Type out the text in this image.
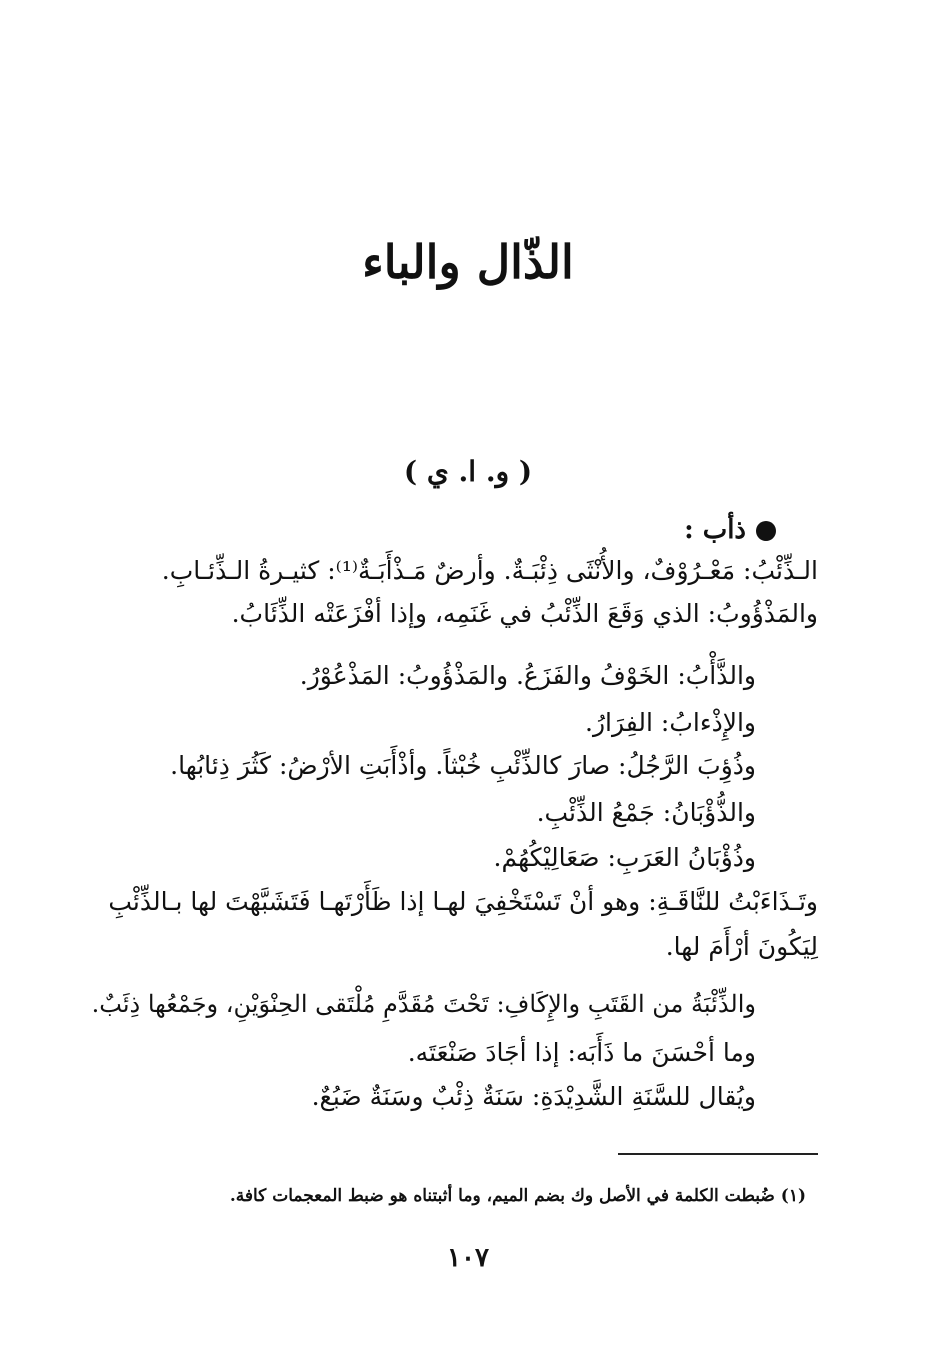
الذّال والباء
( و. ا. ي )
ذأب :
الـذِّئْبُ: مَعْـرُوْفٌ، والأُنْثَى ذِئْبَـةٌ. وأرضٌ مَـذْأَبَـةٌ⁽¹⁾: كثيـرةُ الـذِّئـابِ.
والمَذْؤُوبُ: الذي وَقَعَ الذِّئْبُ في غَنَمِه، وإذا أفْزَعَتْه الذِّئَابُ.
والذَّأْبُ: الخَوْفُ والفَزَعُ. والمَذْؤُوبُ: المَذْعُوْرُ.
والإِذْءابُ: الفِرَارُ.
وذُؤِبَ الرَّجُلُ: صارَ كالذِّئْبِ خُبْثاً. وأذْأَبَتِ الأرْضُ: كَثُرَ ذِئابُها.
والذُّؤْبَانُ: جَمْعُ الذِّئْبِ.
وذُؤْبَانُ العَرَبِ: صَعَالِيْكُهُمْ.
وتَـذَاءَبْتُ للنَّاقَـةِ: وهو أنْ تَسْتَخْفِيَ لهـا إذا ظَأَرْتَهـا فَتَشَبَّهْتَ لها بـالذِّئْبِ
لِيَكُونَ أرْأَمَ لها.
والذِّئْبَةُ من القَتَبِ والإِكَافِ: تَحْتَ مُقَدَّمِ مُلْتَقى الحِنْوَيْنِ، وجَمْعُها ذِئَبٌ.
وما أحْسَنَ ما ذَأَبَه: إذا أجَادَ صَنْعَتَه.
ويُقال للسَّنَةِ الشَّدِيْدَةِ: سَنَةٌ ذِئْبٌ وسَنَةٌ ضَبُعٌ.
(١) ضُبطت الكلمة في الأصل وك بضم الميم، وما أثبتناه هو ضبط المعجمات كافة.
١٠٧
